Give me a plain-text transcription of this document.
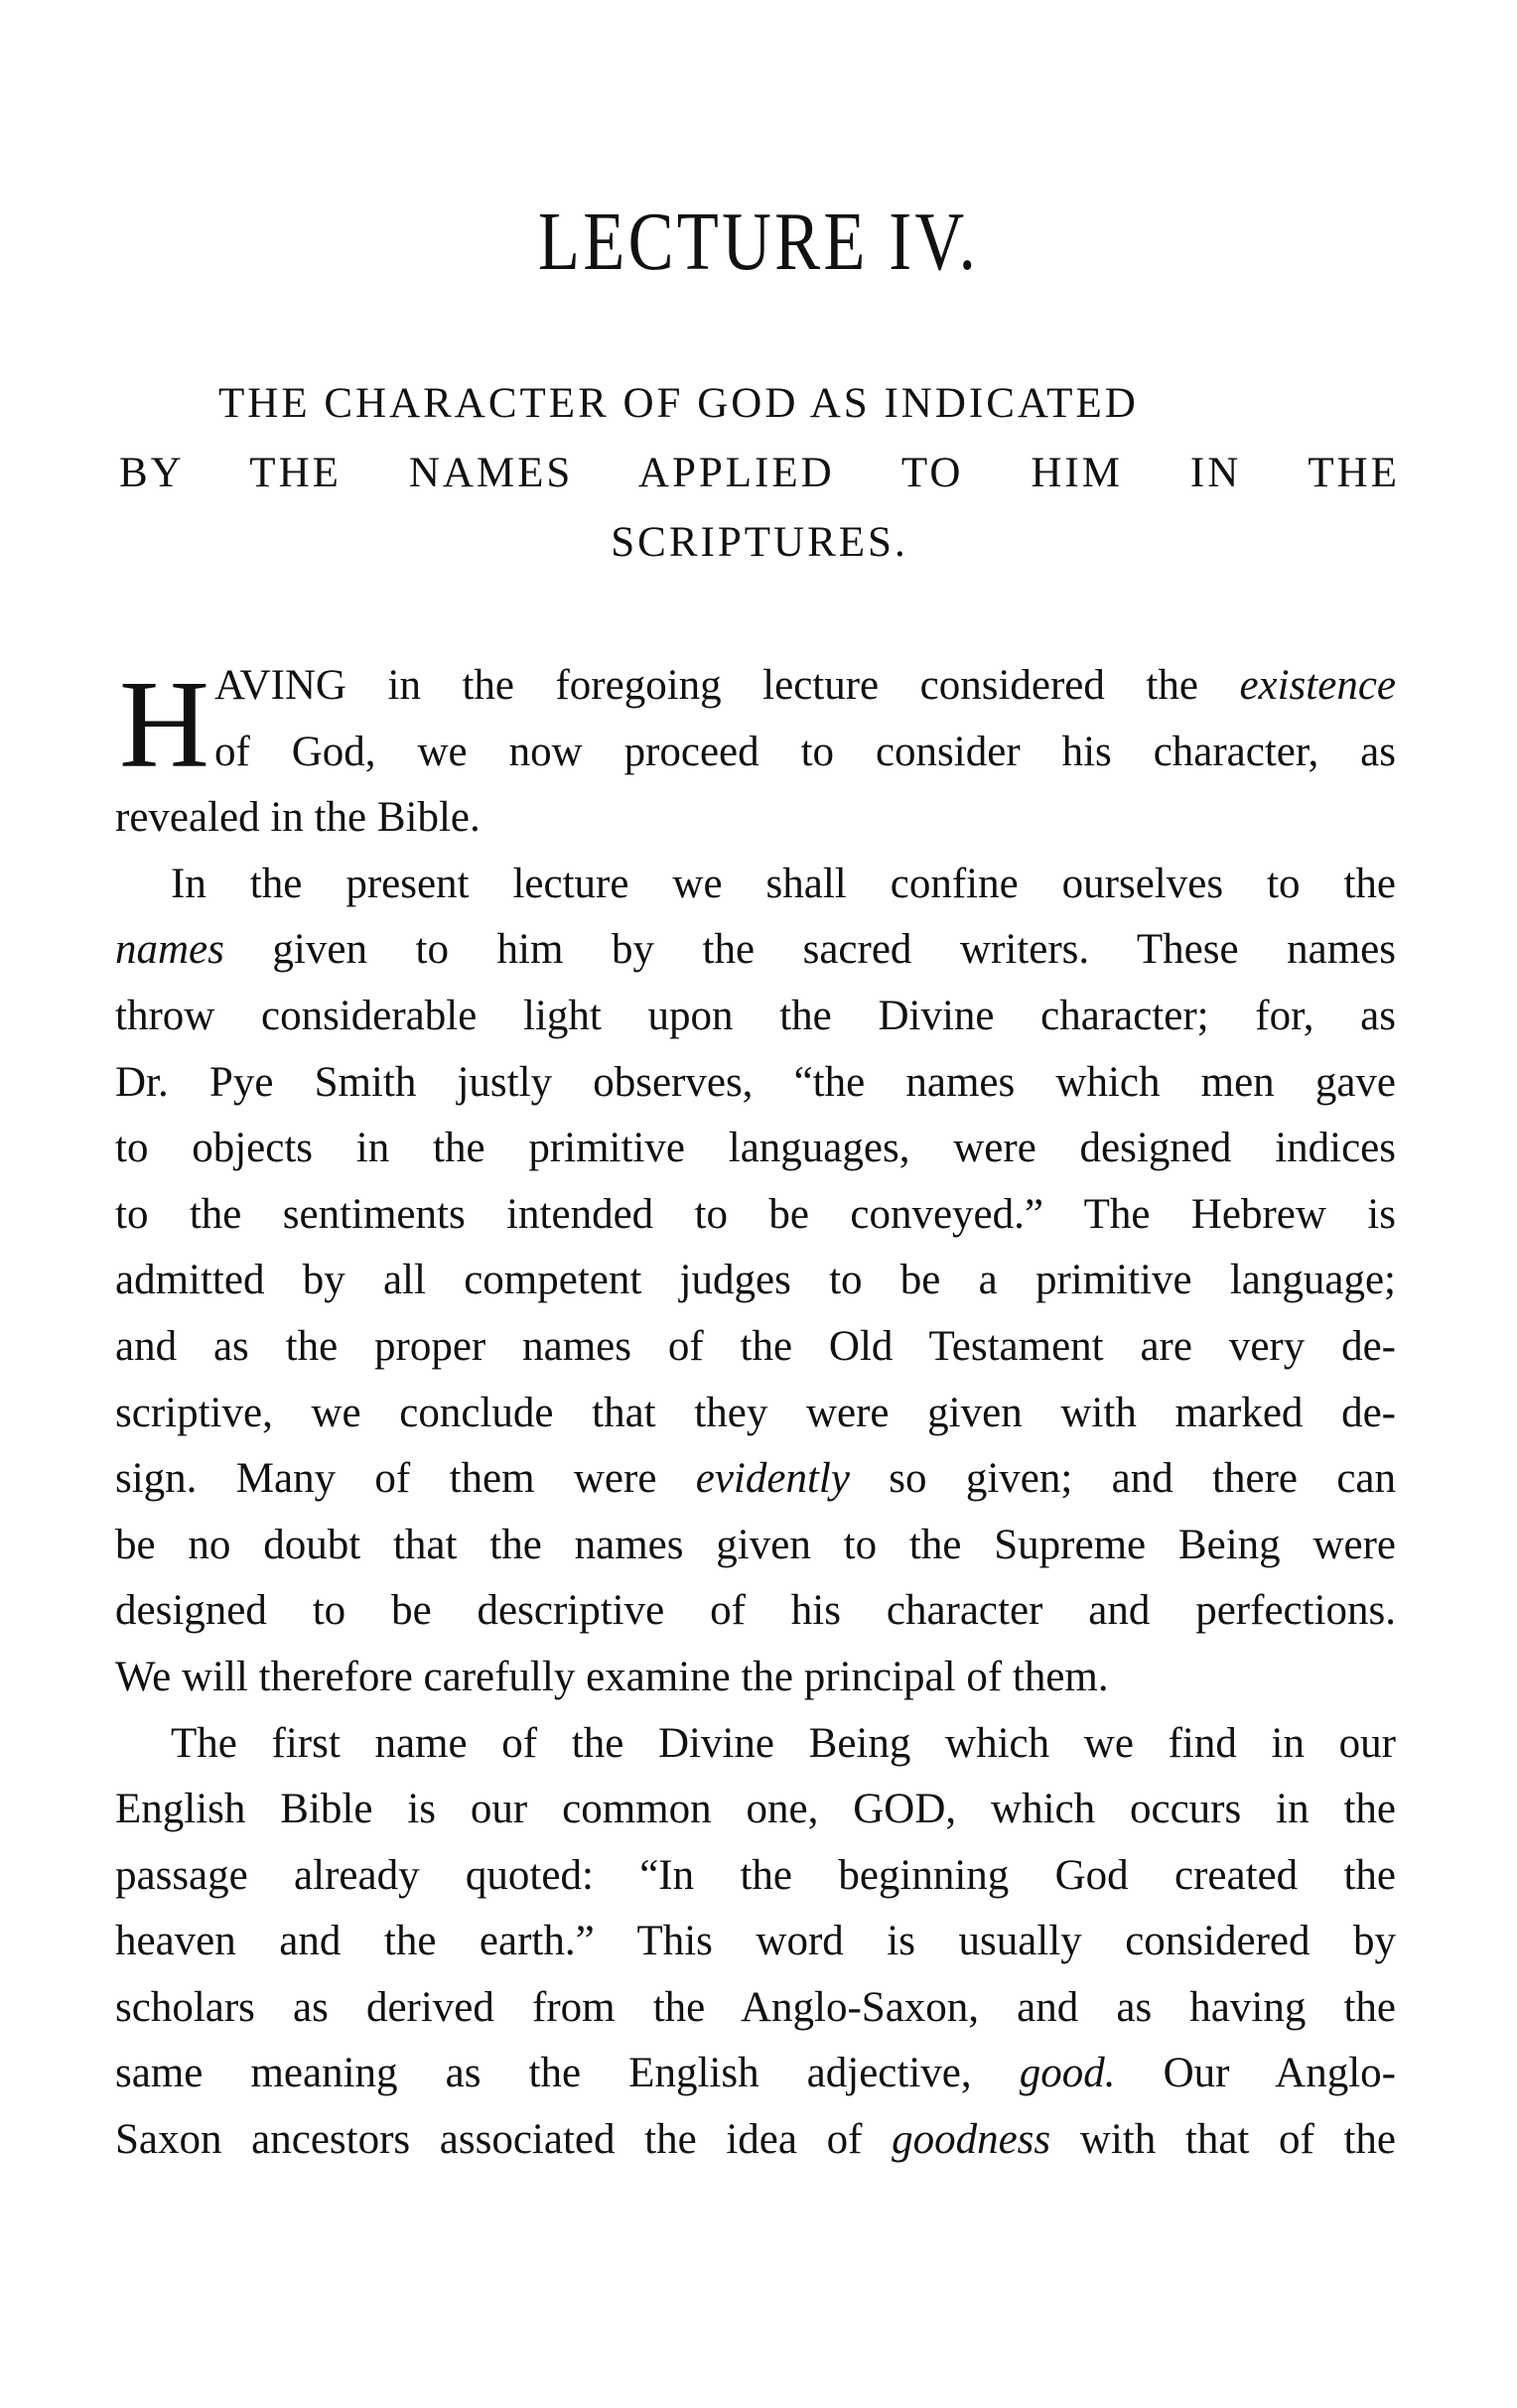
LECTURE IV.
THE CHARACTER OF GOD AS INDICATED
BY THE NAMES APPLIED TO HIM IN THE
SCRIPTURES.
H AVING in the foregoing lecture considered the existence
of God, we now proceed to consider his character, as
revealed in the Bible.
In the present lecture we shall confine ourselves to the
names given to him by the sacred writers. These names
throw considerable light upon the Divine character; for, as
Dr. Pye Smith justly observes, “the names which men gave
to objects in the primitive languages, were designed indices
to the sentiments intended to be conveyed.” The Hebrew is
admitted by all competent judges to be a primitive language;
and as the proper names of the Old Testament are very de-
scriptive, we conclude that they were given with marked de-
sign. Many of them were evidently so given; and there can
be no doubt that the names given to the Supreme Being were
designed to be descriptive of his character and perfections.
We will therefore carefully examine the principal of them.
The first name of the Divine Being which we find in our
English Bible is our common one, GOD, which occurs in the
passage already quoted: “In the beginning God created the
heaven and the earth.” This word is usually considered by
scholars as derived from the Anglo-Saxon, and as having the
same meaning as the English adjective, good. Our Anglo-
Saxon ancestors associated the idea of goodness with that of the
